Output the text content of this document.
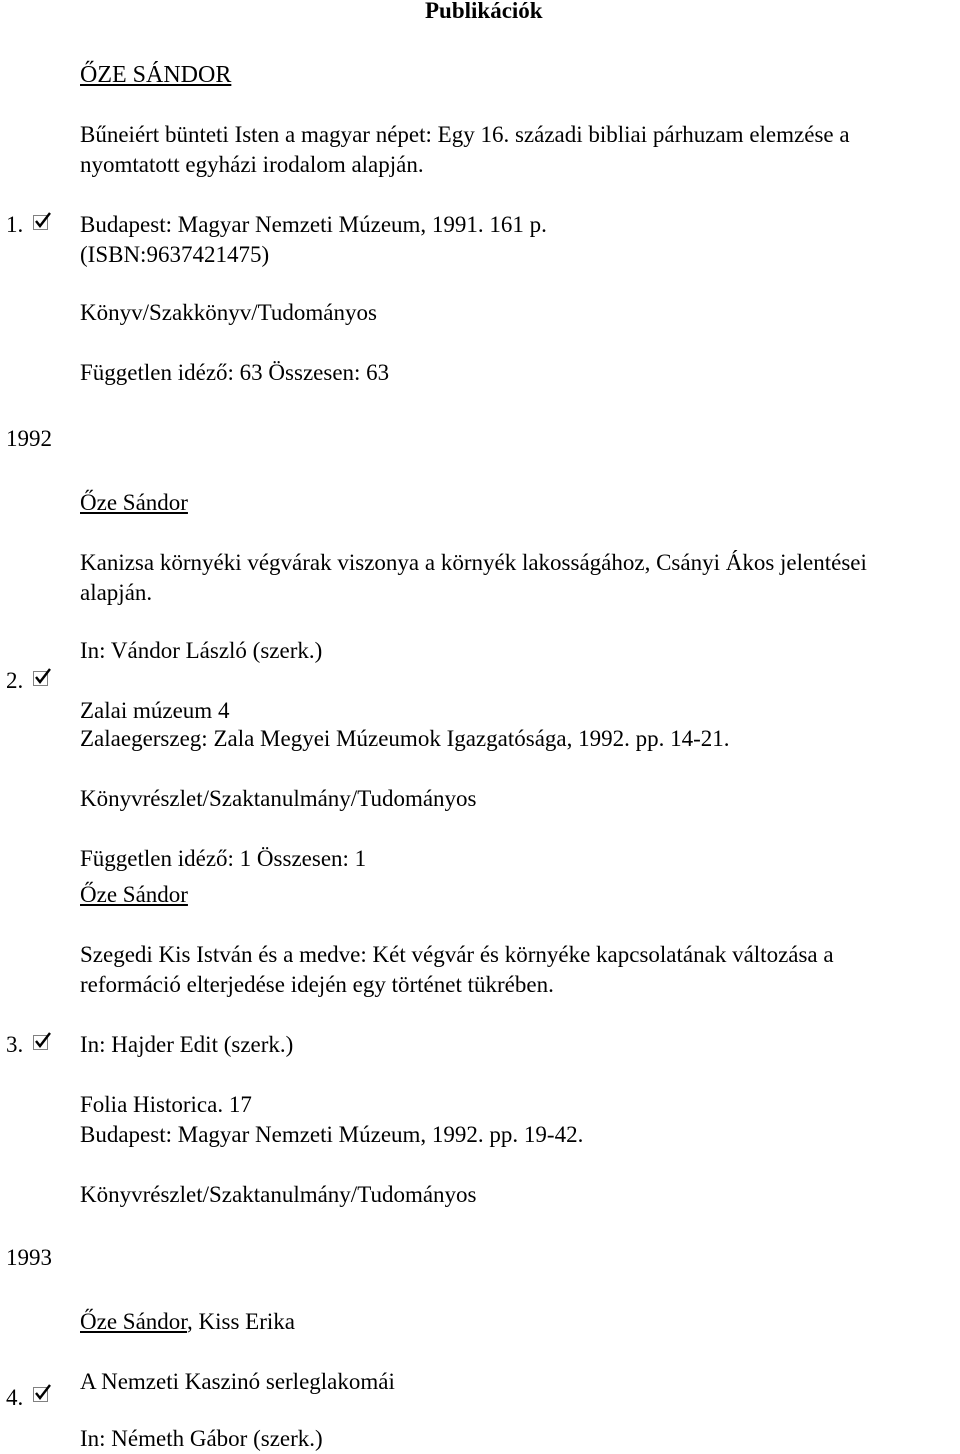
Publikációk
ŐZE SÁNDOR
Bűneiért bünteti Isten a magyar népet: Egy 16. századi bibliai párhuzam elemzése a
nyomtatott egyházi irodalom alapján.
1. Budapest: Magyar Nemzeti Múzeum, 1991. 161 p.
(ISBN:9637421475)
Könyv/Szakkönyv/Tudományos
Független idéző: 63 Összesen: 63
1992
Őze Sándor
Kanizsa környéki végvárak viszonya a környék lakosságához, Csányi Ákos jelentései
alapján.
In: Vándor László (szerk.)
2.
Zalai múzeum 4
Zalaegerszeg: Zala Megyei Múzeumok Igazgatósága, 1992. pp. 14-21.
Könyvrészlet/Szaktanulmány/Tudományos
Független idéző: 1 Összesen: 1
Őze Sándor
Szegedi Kis István és a medve: Két végvár és környéke kapcsolatának változása a
reformáció elterjedése idején egy történet tükrében.
3. In: Hajder Edit (szerk.)
Folia Historica. 17
Budapest: Magyar Nemzeti Múzeum, 1992. pp. 19-42.
Könyvrészlet/Szaktanulmány/Tudományos
1993
Őze Sándor, Kiss Erika
A Nemzeti Kaszinó serleglakomái
4.
In: Németh Gábor (szerk.)
